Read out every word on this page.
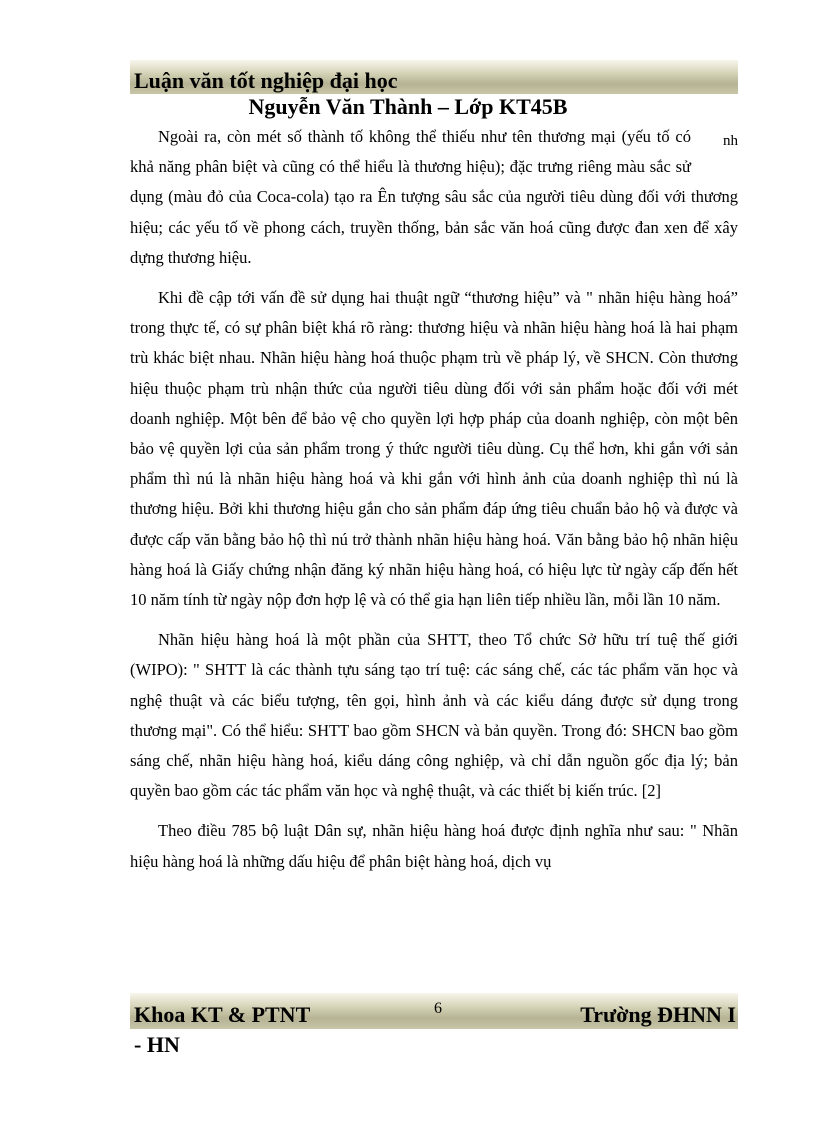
Luận văn tốt nghiệp đại học
Nguyễn Văn Thành – Lớp KT45B

nh
Ngoài ra, còn mét số thành tố không thể thiếu như tên thương mại (yếu tố có khả năng phân biệt và cũng có thể hiểu là thương hiệu); đặc trưng riêng màu sắc sử dụng (màu đỏ của Coca-cola) tạo ra Ên tượng sâu sắc của người tiêu dùng đối với thương hiệu; các yếu tố về phong cách, truyền thống, bản sắc văn hoá cũng được đan xen để xây dựng thương hiệu.

Khi đề cập tới vấn đề sử dụng hai thuật ngữ “thương hiệu” và " nhãn hiệu hàng hoá” trong thực tế, có sự phân biệt khá rõ ràng: thương hiệu và nhãn hiệu hàng hoá là hai phạm trù khác biệt nhau. Nhãn hiệu hàng hoá thuộc phạm trù về pháp lý, về SHCN. Còn thương hiệu thuộc phạm trù nhận thức của người tiêu dùng đối với sản phẩm hoặc đối với mét doanh nghiệp. Một bên để bảo vệ cho quyền lợi hợp pháp của doanh nghiệp, còn một bên bảo vệ quyền lợi của sản phẩm trong ý thức người tiêu dùng. Cụ thể hơn, khi gắn với sản phẩm thì nú là nhãn hiệu hàng hoá và khi gắn với hình ảnh của doanh nghiệp thì nú là thương hiệu. Bởi khi thương hiệu gắn cho sản phẩm đáp ứng tiêu chuẩn bảo hộ và được và được cấp văn bằng bảo hộ thì nú trở thành nhãn hiệu hàng hoá. Văn bằng bảo hộ nhãn hiệu hàng hoá là Giấy chứng nhận đăng ký nhãn hiệu hàng hoá, có hiệu lực từ ngày cấp đến hết 10 năm tính từ ngày nộp đơn hợp lệ và có thể gia hạn liên tiếp nhiều lần, mỗi lần 10 năm.

Nhãn hiệu hàng hoá là một phần của SHTT, theo Tổ chức Sở hữu trí tuệ thế giới (WIPO): " SHTT là các thành tựu sáng tạo trí tuệ: các sáng chế, các tác phẩm văn học và nghệ thuật và các biểu tượng, tên gọi, hình ảnh và các kiểu dáng được sử dụng trong thương mại". Có thể hiểu: SHTT bao gồm SHCN và bản quyền. Trong đó: SHCN bao gồm sáng chế, nhãn hiệu hàng hoá, kiểu dáng công nghiệp, và chỉ dẫn nguồn gốc địa lý; bản quyền bao gồm các tác phẩm văn học và nghệ thuật, và các thiết bị kiến trúc. [2]

Theo điều 785 bộ luật Dân sự, nhãn hiệu hàng hoá được định nghĩa như sau: " Nhãn hiệu hàng hoá là những dấu hiệu để phân biệt hàng hoá, dịch vụ

Khoa KT & PTNT	6	Trường ĐHNN I
- HN
